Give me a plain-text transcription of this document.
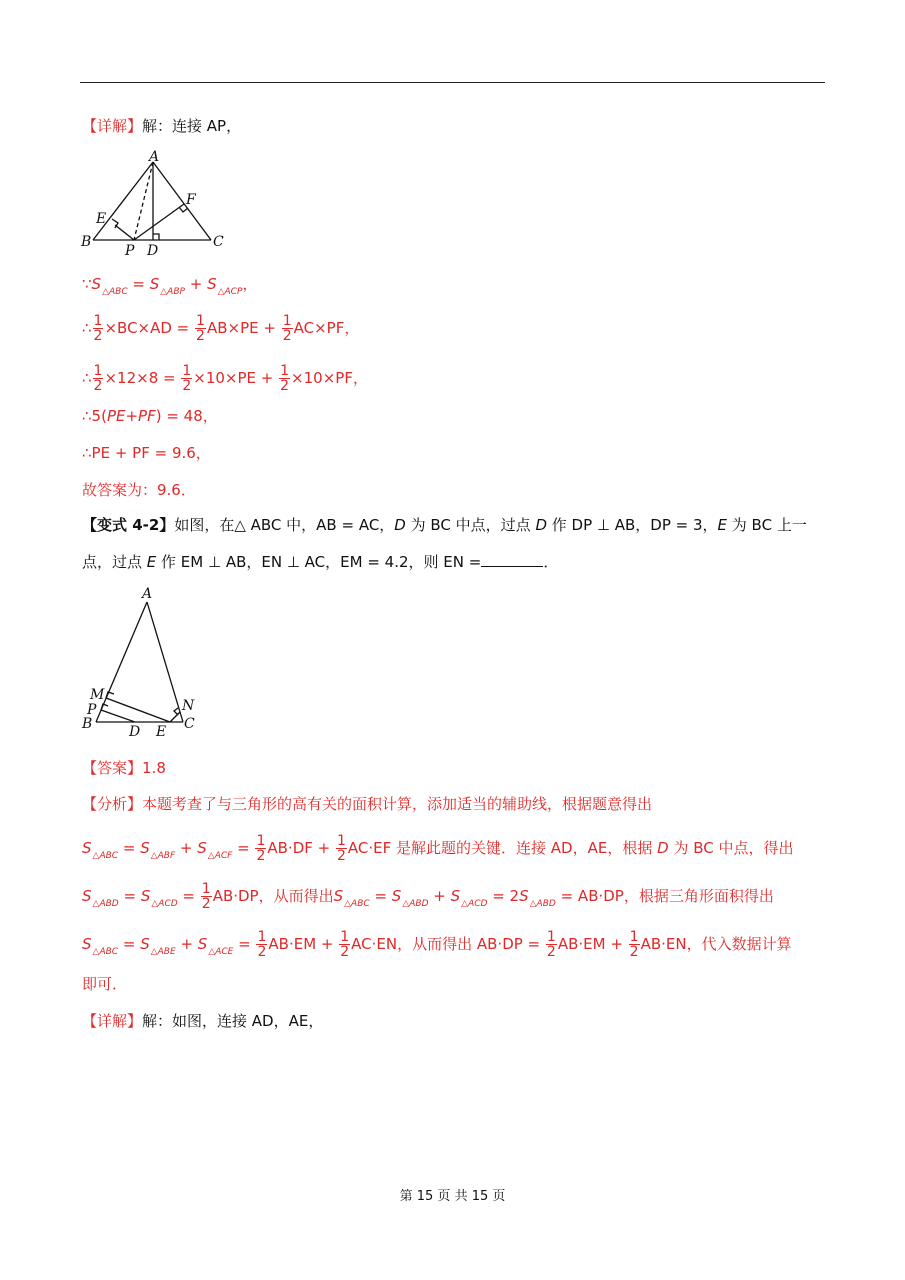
【详解】解：连接 AP，
A
B	C
D
E
F
P
$\because S_{\triangle ABC} = S_{\triangle ABP} + S_{\triangle ACP}$，
∴ $\frac{1}{2} \times BC\times AD = \frac{1}{2} AB\times PE + \frac{1}{2} AC\times PF$，
∴ $\frac{1}{2} \times 12\times 8 = \frac{1}{2} \times 10\times PE + \frac{1}{2} \times 10\times PF$，
∴5(PE+PF) = 48，
∴PE + PF = 9.6，
故答案为：9.6．
【变式 4-2】如图，在△ ABC 中，AB = AC，D 为 BC 中点，过点 D 作 DP ⊥ AB，DP = 3，E 为 BC 上一
点，过点 E 作 EM ⊥ AB，EN ⊥ AC，EM = 4.2，则 EN =	．
A
B	C
D E
M
N
P
【答案】1.8
【分析】本题考查了与三角形的高有关的面积计算，添加适当的辅助线，根据题意得出
$S_{\triangle ABC} = S_{\triangle ABF} + S_{\triangle ACF} = \frac{1}{2} AB\cdot DF + \frac{1}{2} AC\cdot EF$ 是解此题的关键．连接 AD，AE，根据 D 为 BC 中点，得出
$S_{\triangle ABD} = S_{\triangle ACD} = \frac{1}{2} AB\cdot DP$，从而得出$S_{\triangle ABC} = S_{\triangle ABD} + S_{\triangle ACD} = 2S_{\triangle ABD} = AB\cdot DP$，根据三角形面积得出
$S_{\triangle ABC} = S_{\triangle ABE} + S_{\triangle ACE} = \frac{1}{2} AB\cdot EM + \frac{1}{2} AC\cdot EN$，从而得出 $AB\cdot DP = \frac{1}{2} AB\cdot EM + \frac{1}{2} AB\cdot EN$，代入数据计算
即可．
【详解】解：如图，连接 AD，AE，
第 15 页 共 15 页
